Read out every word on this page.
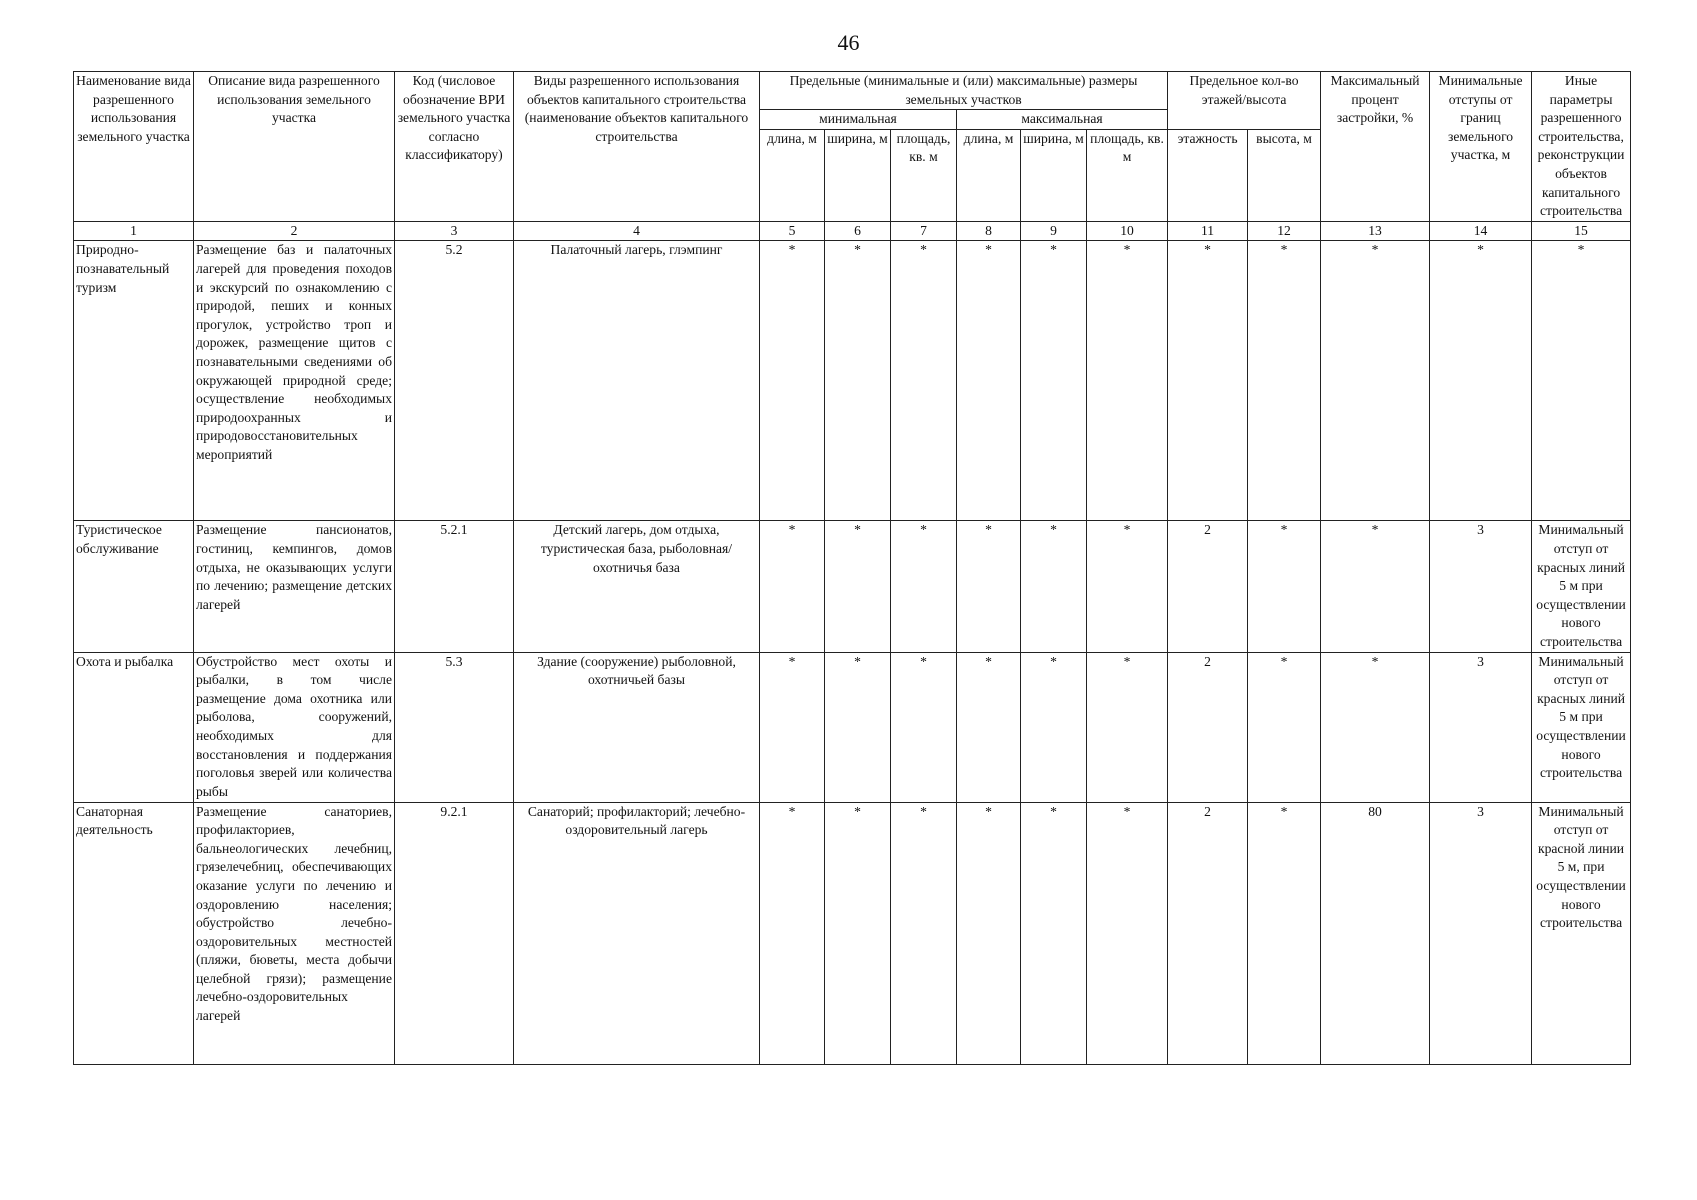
46
Наименование вида разрешенного использования земельного участка	Описание вида разрешенного использования земельного участка	Код (числовое обозначение ВРИ земельного участка согласно классификатору)	Виды разрешенного использования объектов капитального строительства (наименование объектов капитального строительства	Предельные (минимальные и (или) максимальные) размеры земельных участков						Предельное кол-во этажей/высота		Максимальный процент застройки, %	Минимальные отступы от границ земельного участка, м	Иные параметры разрешенного строительства, реконструкции объектов капитального строительства
				минимальная			максимальная							
				длина, м	ширина, м	площадь, кв. м	длина, м	ширина, м	площадь, кв. м	этажность	высота, м			
1	2	3	4	5	6	7	8	9	10	11	12	13	14	15
Природно-познавательный туризм	Размещение баз и палаточных лагерей для проведения походов и экскурсий по ознакомлению с природой, пеших и конных прогулок, устройство троп и дорожек, размещение щитов с познавательными сведениями об окружающей природной среде; осуществление необходимых природоохранных и природовосстановительных мероприятий	5.2	Палаточный лагерь, глэмпинг	*	*	*	*	*	*	*	*	*	*	*
Туристическое обслуживание	Размещение пансионатов, гостиниц, кемпингов, домов отдыха, не оказывающих услуги по лечению; размещение детских лагерей	5.2.1	Детский лагерь, дом отдыха, туристическая база, рыболовная/охотничья база	*	*	*	*	*	*	2	*	*	3	Минимальный отступ от красных линий 5 м при осуществлении нового строительства
Охота и рыбалка	Обустройство мест охоты и рыбалки, в том числе размещение дома охотника или рыболова, сооружений, необходимых для восстановления и поддержания поголовья зверей или количества рыбы	5.3	Здание (сооружение) рыболовной, охотничьей базы	*	*	*	*	*	*	2	*	*	3	Минимальный отступ от красных линий 5 м при осуществлении нового строительства
Санаторная деятельность	Размещение санаториев, профилакториев, бальнеологических лечебниц, грязелечебниц, обеспечивающих оказание услуги по лечению и оздоровлению населения; обустройство лечебно-оздоровительных местностей (пляжи, бюветы, места добычи целебной грязи); размещение лечебно-оздоровительных лагерей	9.2.1	Санаторий; профилакторий; лечебно-оздоровительный лагерь	*	*	*	*	*	*	2	*	80	3	Минимальный отступ от красной линии 5 м, при осуществлении нового строительства
